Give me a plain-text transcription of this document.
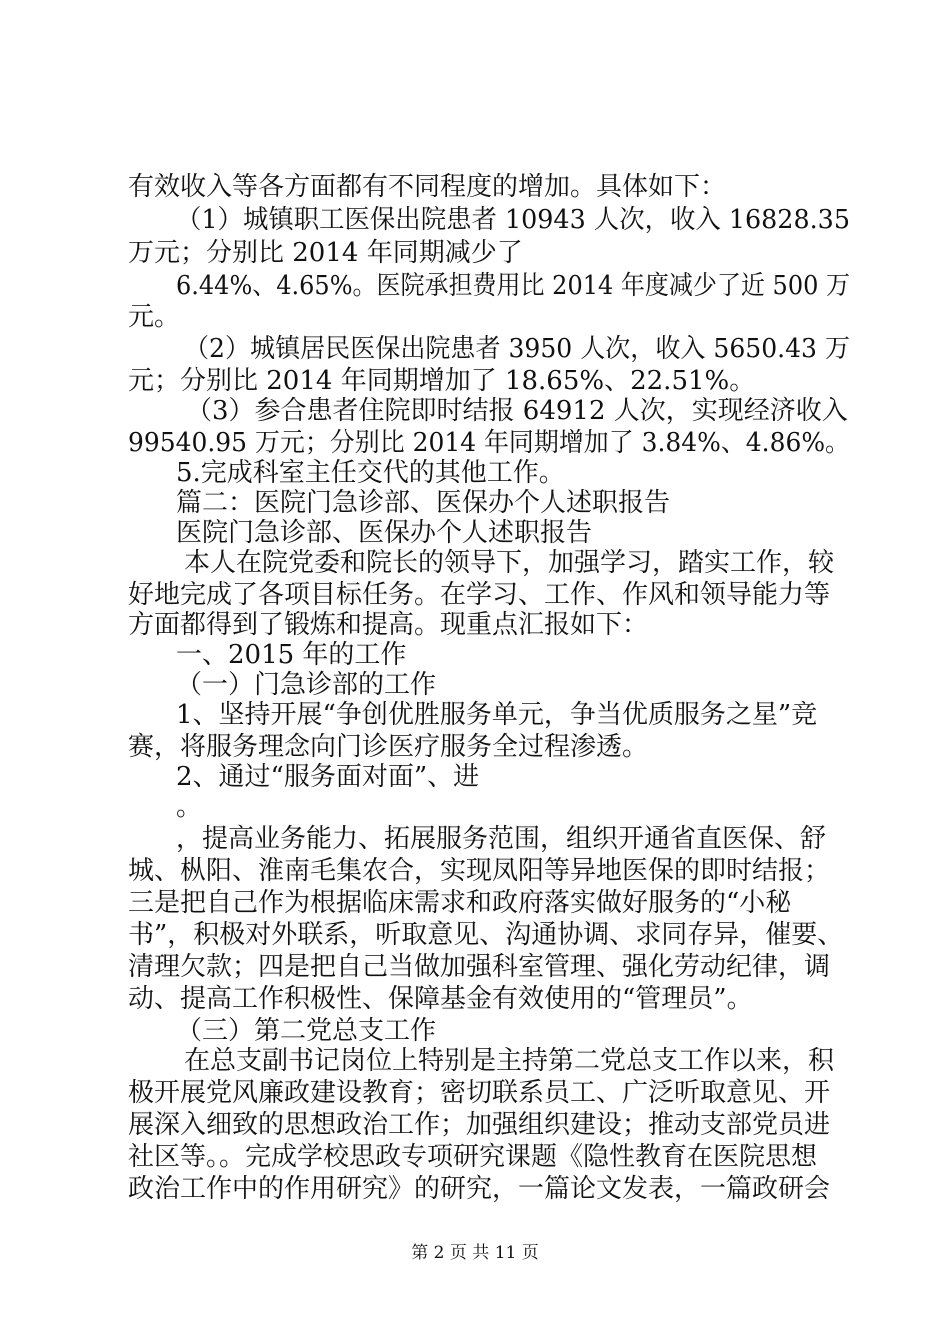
有效收入等各方面都有不同程度的增加。具体如下：
（1）城镇职工医保出院患者 10943 人次，收入 16828.35
万元；分别比 2014 年同期减少了
6.44%、4.65%。医院承担费用比 2014 年度减少了近 500 万
元。
（2）城镇居民医保出院患者 3950 人次，收入 5650.43 万
元；分别比 2014 年同期增加了 18.65%、22.51%。
（3）参合患者住院即时结报 64912 人次，实现经济收入
99540.95 万元；分别比 2014 年同期增加了 3.84%、4.86%。
5.完成科室主任交代的其他工作。
篇二：医院门急诊部、医保办个人述职报告
医院门急诊部、医保办个人述职报告
本人在院党委和院长的领导下，加强学习，踏实工作，较
好地完成了各项目标任务。在学习、工作、作风和领导能力等
方面都得到了锻炼和提高。现重点汇报如下：
一、2015 年的工作
（一）门急诊部的工作
1、坚持开展“争创优胜服务单元，争当优质服务之星”竞
赛，将服务理念向门诊医疗服务全过程渗透。
2、通过“服务面对面”、进
。
，提高业务能力、拓展服务范围，组织开通省直医保、舒
城、枞阳、淮南毛集农合，实现凤阳等异地医保的即时结报；
三是把自己作为根据临床需求和政府落实做好服务的“小秘
书”，积极对外联系，听取意见、沟通协调、求同存异，催要、
清理欠款；四是把自己当做加强科室管理、强化劳动纪律，调
动、提高工作积极性、保障基金有效使用的“管理员”。
（三）第二党总支工作
在总支副书记岗位上特别是主持第二党总支工作以来，积
极开展党风廉政建设教育；密切联系员工、广泛听取意见、开
展深入细致的思想政治工作；加强组织建设；推动支部党员进
社区等。。完成学校思政专项研究课题《隐性教育在医院思想
政治工作中的作用研究》的研究，一篇论文发表，一篇政研会
第 2 页 共 11 页
